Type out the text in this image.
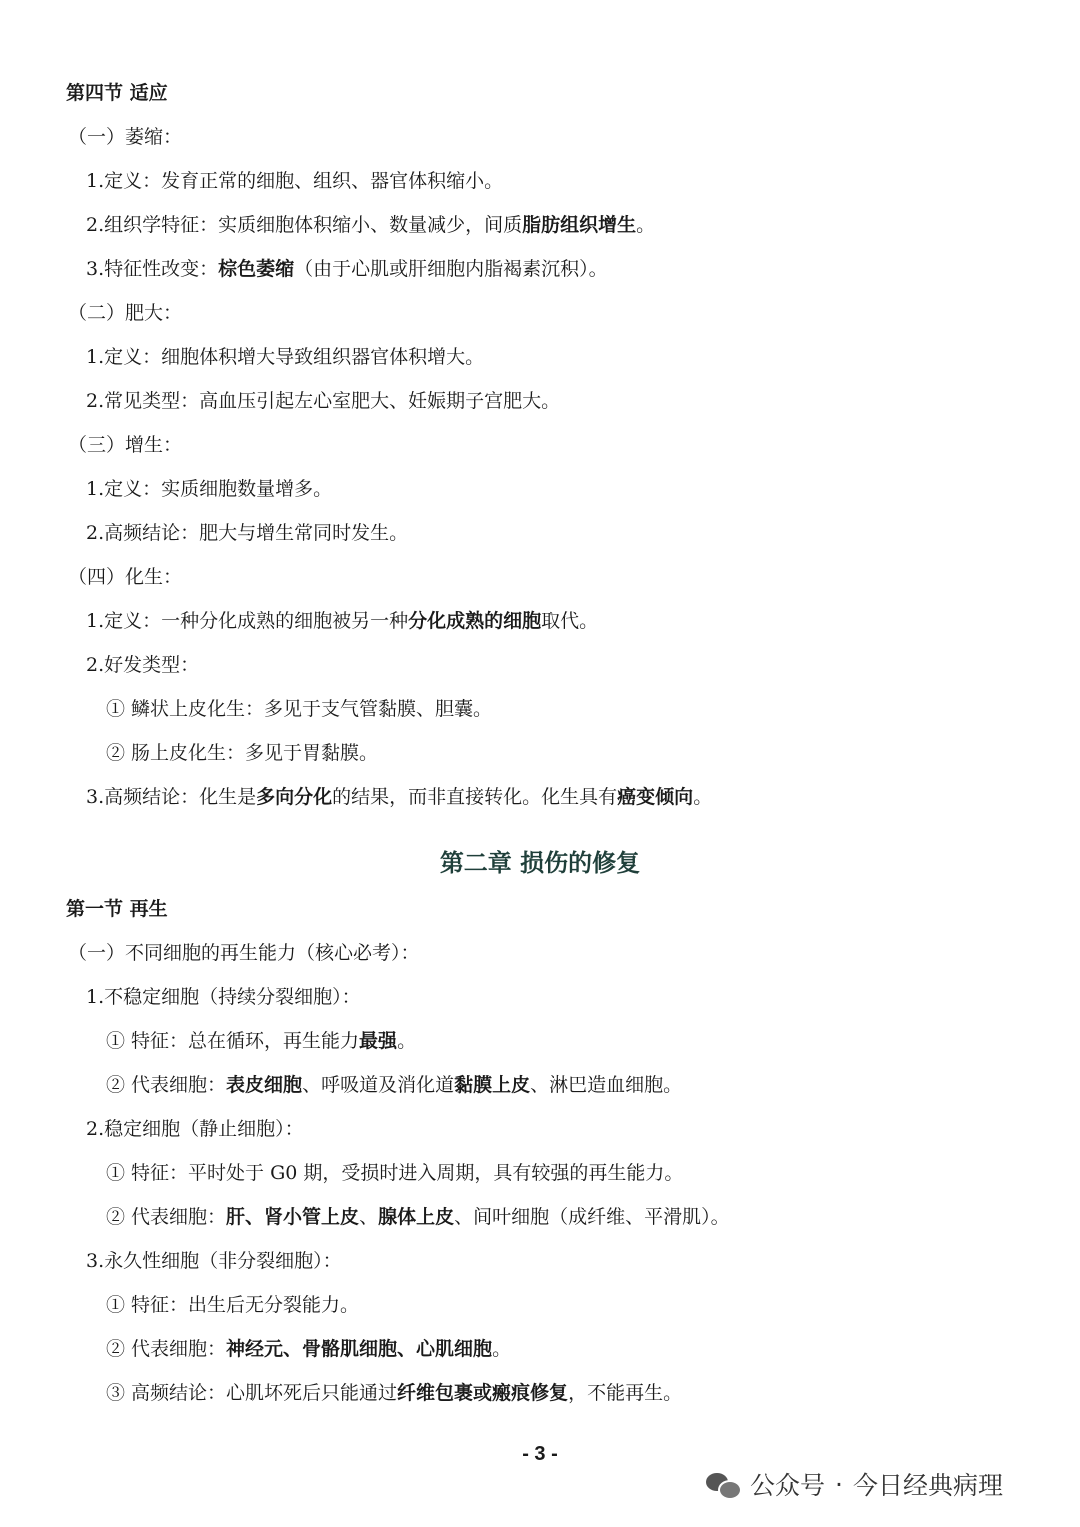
第四节 适应
（一）萎缩：
1.定义：发育正常的细胞、组织、器官体积缩小。
2.组织学特征：实质细胞体积缩小、数量减少，间质脂肪组织增生。
3.特征性改变：棕色萎缩（由于心肌或肝细胞内脂褐素沉积）。
（二）肥大：
1.定义：细胞体积增大导致组织器官体积增大。
2.常见类型：高血压引起左心室肥大、妊娠期子宫肥大。
（三）增生：
1.定义：实质细胞数量增多。
2.高频结论：肥大与增生常同时发生。
（四）化生：
1.定义：一种分化成熟的细胞被另一种分化成熟的细胞取代。
2.好发类型：
① 鳞状上皮化生：多见于支气管黏膜、胆囊。
② 肠上皮化生：多见于胃黏膜。
3.高频结论：化生是多向分化的结果，而非直接转化。化生具有癌变倾向。
第二章 损伤的修复
第一节 再生
（一）不同细胞的再生能力（核心必考）：
1.不稳定细胞（持续分裂细胞）：
① 特征：总在循环，再生能力最强。
② 代表细胞：表皮细胞、呼吸道及消化道黏膜上皮、淋巴造血细胞。
2.稳定细胞（静止细胞）：
① 特征：平时处于 G0 期，受损时进入周期，具有较强的再生能力。
② 代表细胞：肝、肾小管上皮、腺体上皮、间叶细胞（成纤维、平滑肌）。
3.永久性细胞（非分裂细胞）：
① 特征：出生后无分裂能力。
② 代表细胞：神经元、骨骼肌细胞、心肌细胞。
③ 高频结论：心肌坏死后只能通过纤维包裹或瘢痕修复，不能再生。
- 3 -
公众号 · 今日经典病理
